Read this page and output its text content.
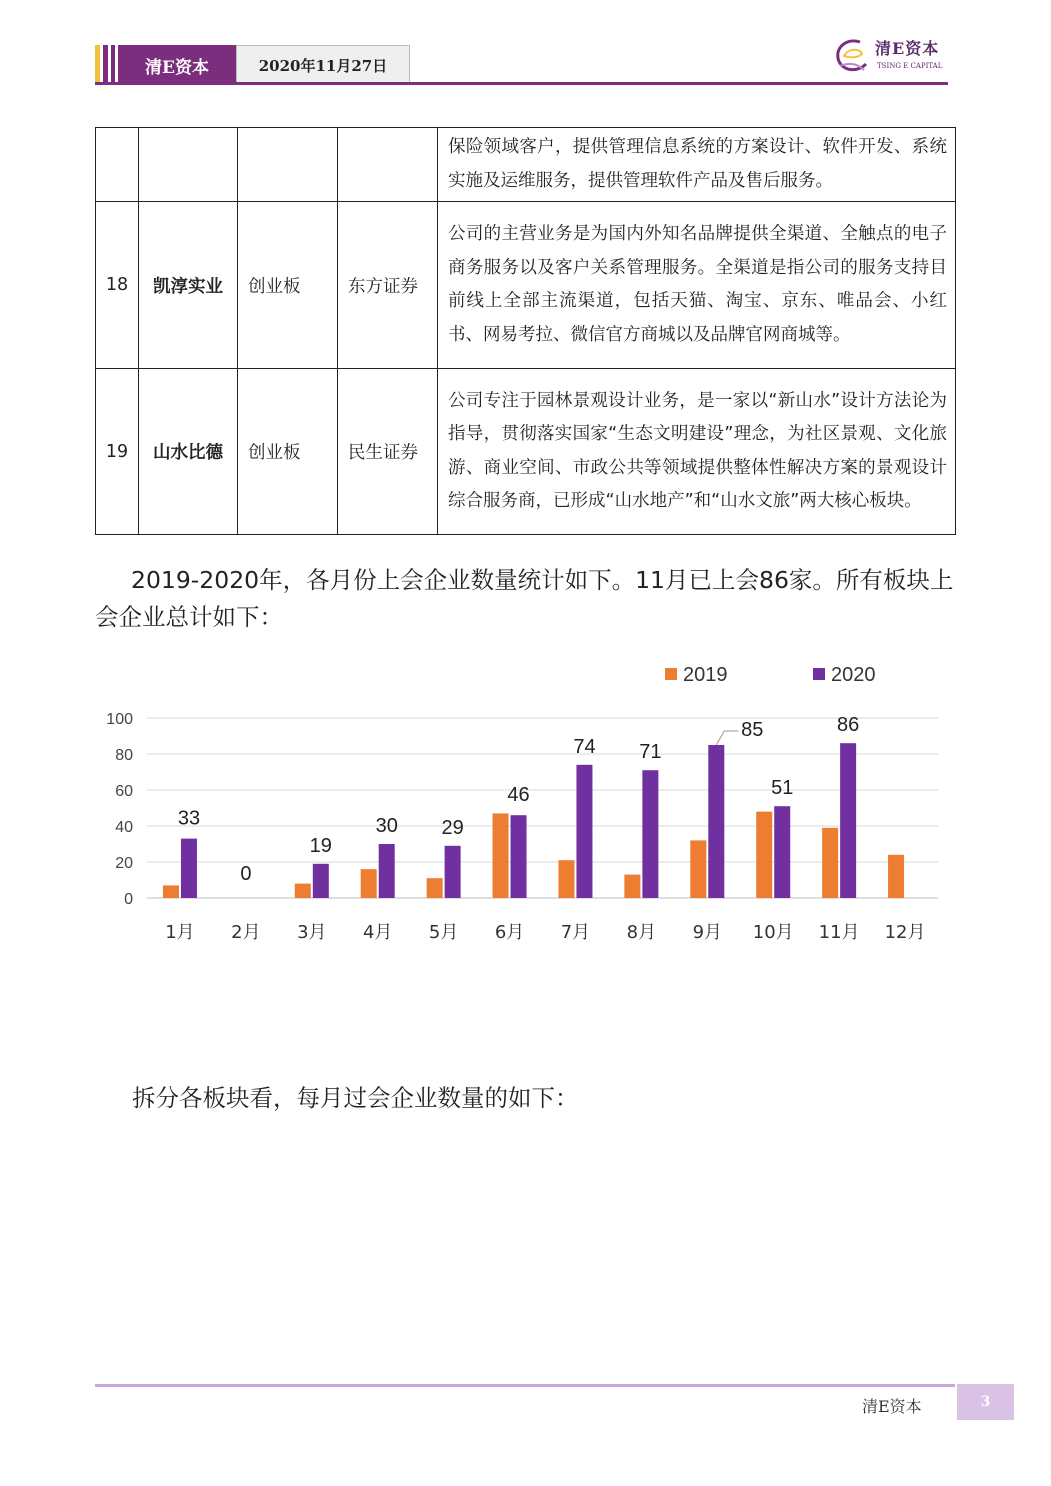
清E资本	2020年11月27日
清E资本
TSING E CAPITAL
				保险领域客户，提供管理信息系统的方案设计、软件开发、系统实施及运维服务，提供管理软件产品及售后服务。
18	凯淳实业	创业板	东方证券	公司的主营业务是为国内外知名品牌提供全渠道、全触点的电子商务服务以及客户关系管理服务。全渠道是指公司的服务支持目前线上全部主流渠道，包括天猫、淘宝、京东、唯品会、小红书、网易考拉、微信官方商城以及品牌官网商城等。
19	山水比德	创业板	民生证券	公司专注于园林景观设计业务，是一家以“新山水”设计方法论为指导，贯彻落实国家“生态文明建设”理念，为社区景观、文化旅游、商业空间、市政公共等领域提供整体性解决方案的景观设计综合服务商，已形成“山水地产”和“山水文旅”两大核心板块。
2019-2020年，各月份上会企业数量统计如下。11月已上会86家。所有板块上会企业总计如下：
0
20
40
60
80
100
1月
33
2月
0
3月
19
4月
30
5月
29
6月
46
7月
74
8月
71
9月
85
10月
51
11月
86
12月
2019	2020
拆分各板块看，每月过会企业数量的如下：
清E资本	3
